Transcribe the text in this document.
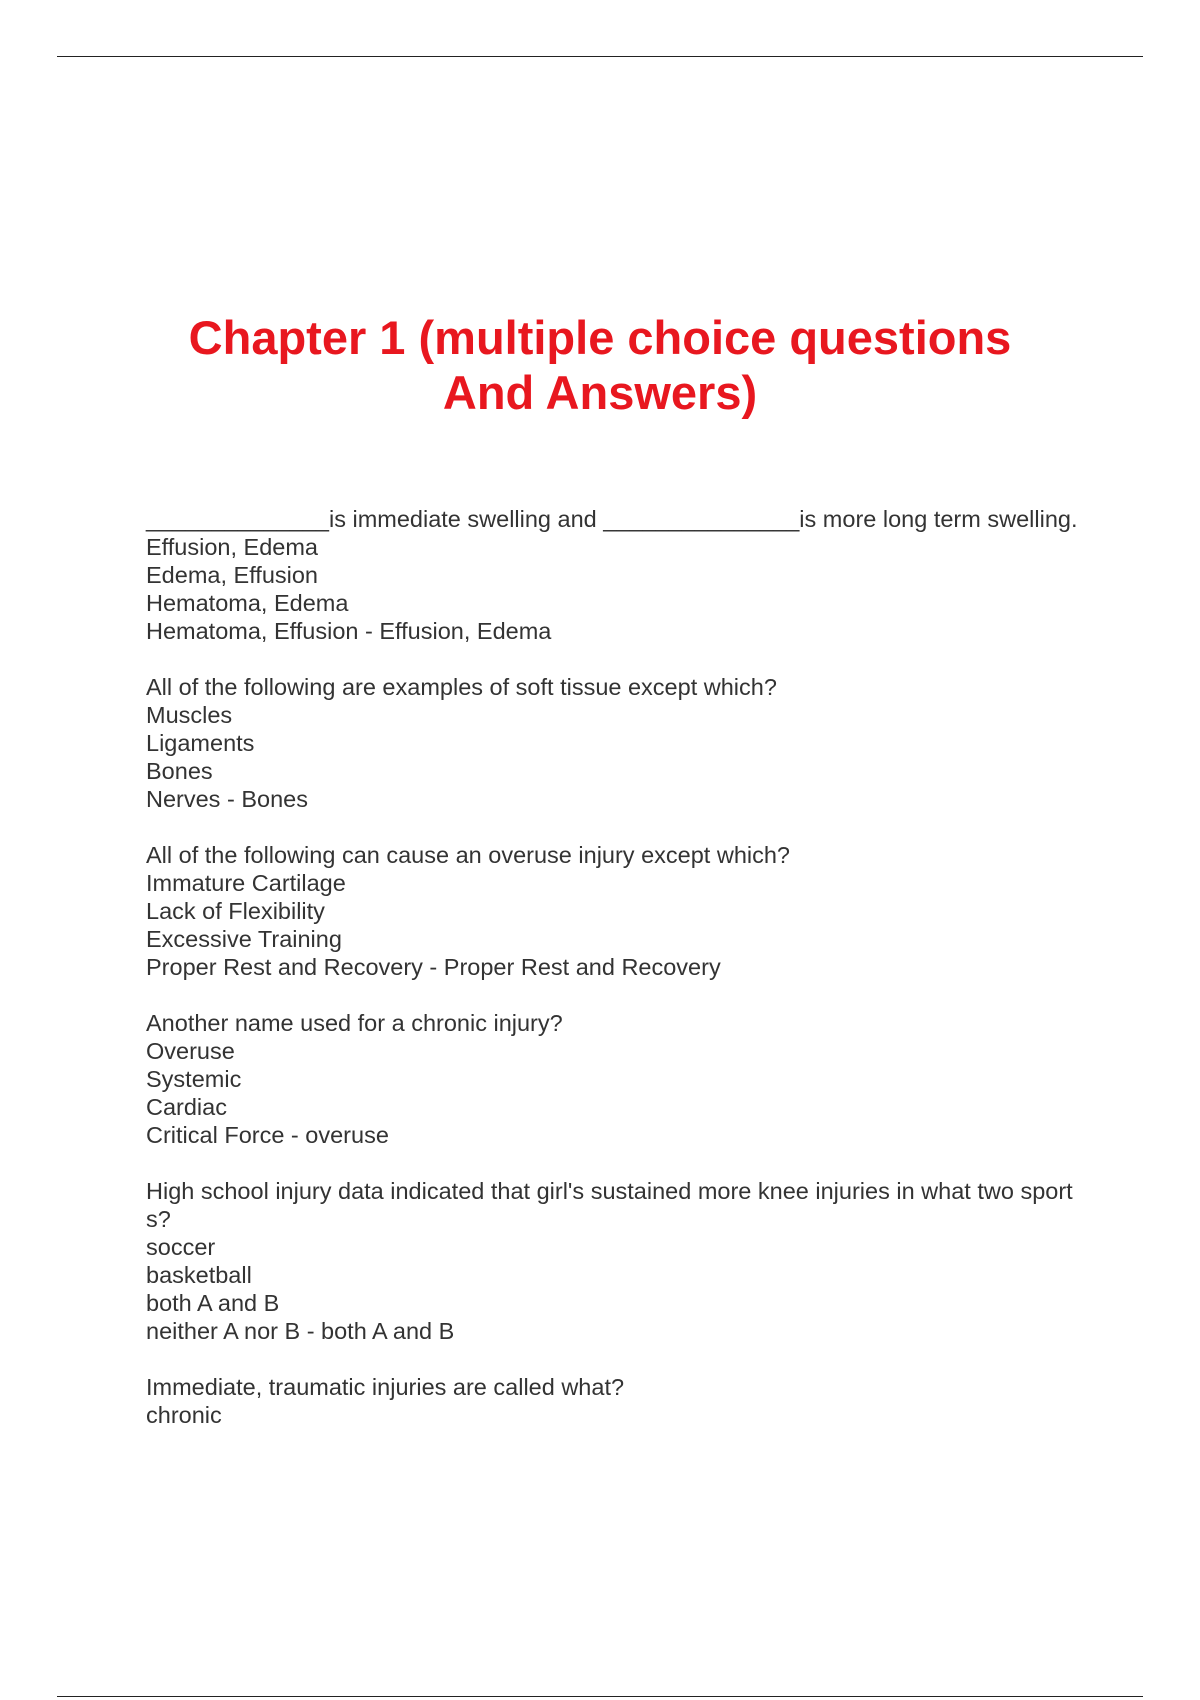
Chapter 1 (multiple choice questions
And Answers)
______________is immediate swelling and _______________is more long term swelling.
Effusion, Edema
Edema, Effusion
Hematoma, Edema
Hematoma, Effusion - Effusion, Edema
All of the following are examples of soft tissue except which?
Muscles
Ligaments
Bones
Nerves - Bones
All of the following can cause an overuse injury except which?
Immature Cartilage
Lack of Flexibility
Excessive Training
Proper Rest and Recovery - Proper Rest and Recovery
Another name used for a chronic injury?
Overuse
Systemic
Cardiac
Critical Force - overuse
High school injury data indicated that girl's sustained more knee injuries in what two sport
s?
soccer
basketball
both A and B
neither A nor B - both A and B
Immediate, traumatic injuries are called what?
chronic
